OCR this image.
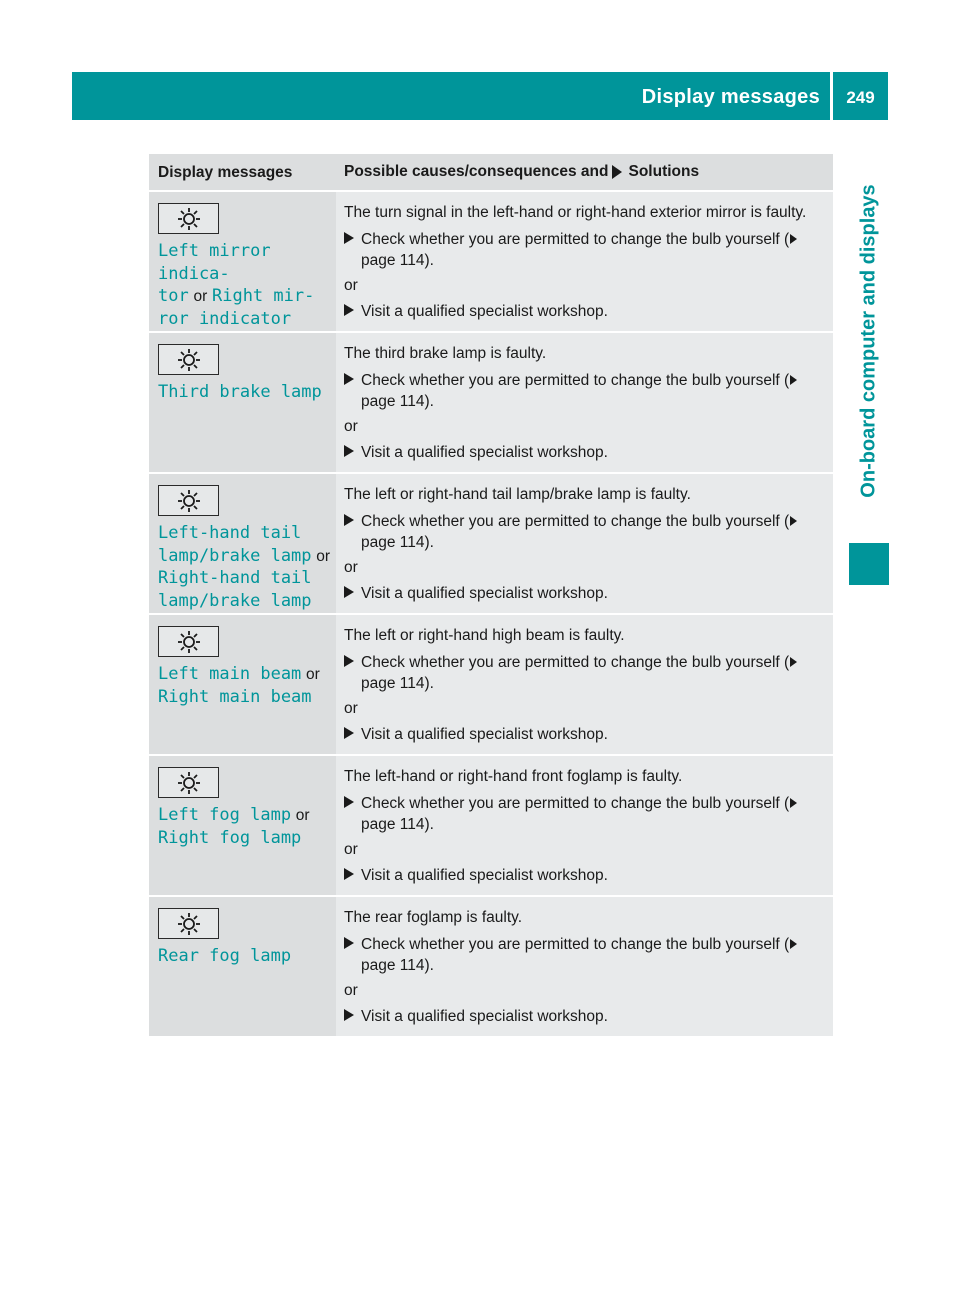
Display messages	249
On-board computer and displays
Display messages	Possible causes/consequences and Solutions
Left mirror indica-
tor or Right mir-
ror indicator
The turn signal in the left-hand or right-hand exterior mirror is faulty.
Check whether you are permitted to change the bulb yourself (page 114).
or
Visit a qualified specialist workshop.
Third brake lamp
The third brake lamp is faulty.
Check whether you are permitted to change the bulb yourself (page 114).
or
Visit a qualified specialist workshop.
Left-hand tail
lamp/brake lamp or
Right-hand tail
lamp/brake lamp
The left or right-hand tail lamp/brake lamp is faulty.
Check whether you are permitted to change the bulb yourself (page 114).
or
Visit a qualified specialist workshop.
Left main beam or
Right main beam
The left or right-hand high beam is faulty.
Check whether you are permitted to change the bulb yourself (page 114).
or
Visit a qualified specialist workshop.
Left fog lamp or
Right fog lamp
The left-hand or right-hand front foglamp is faulty.
Check whether you are permitted to change the bulb yourself (page 114).
or
Visit a qualified specialist workshop.
Rear fog lamp
The rear foglamp is faulty.
Check whether you are permitted to change the bulb yourself (page 114).
or
Visit a qualified specialist workshop.
